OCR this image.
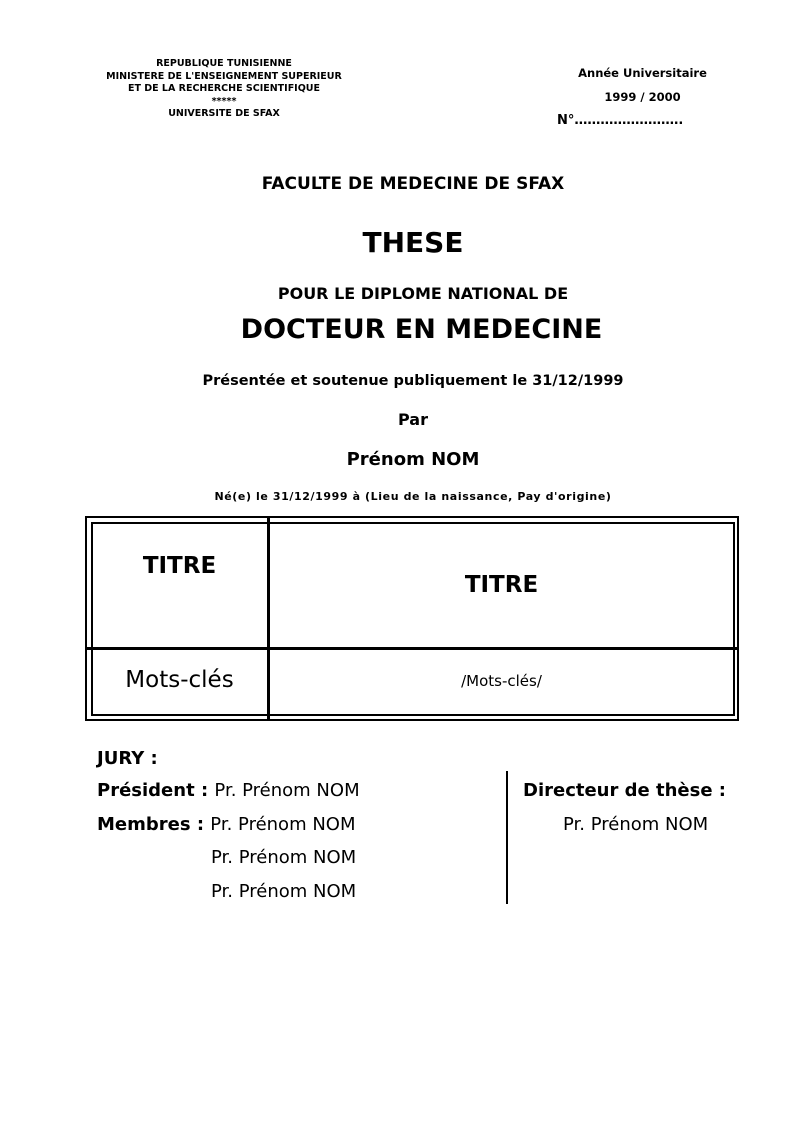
REPUBLIQUE TUNISIENNE
MINISTERE DE L'ENSEIGNEMENT SUPERIEUR
ET DE LA RECHERCHE SCIENTIFIQUE
*****
UNIVERSITE DE SFAX
Année Universitaire
1999 / 2000
N°…………………….
FACULTE DE MEDECINE DE SFAX
THESE
POUR LE DIPLOME NATIONAL DE
DOCTEUR EN MEDECINE
Présentée et soutenue publiquement le 31/12/1999
Par
Prénom NOM
Né(e) le 31/12/1999 à (Lieu de la naissance, Pay d'origine)
TITRE
TITRE
Mots-clés	/Mots-clés/
JURY :
Président : Pr. Prénom NOM
Membres : Pr. Prénom NOM
Pr. Prénom NOM
Pr. Prénom NOM
Directeur de thèse :
Pr. Prénom NOM
